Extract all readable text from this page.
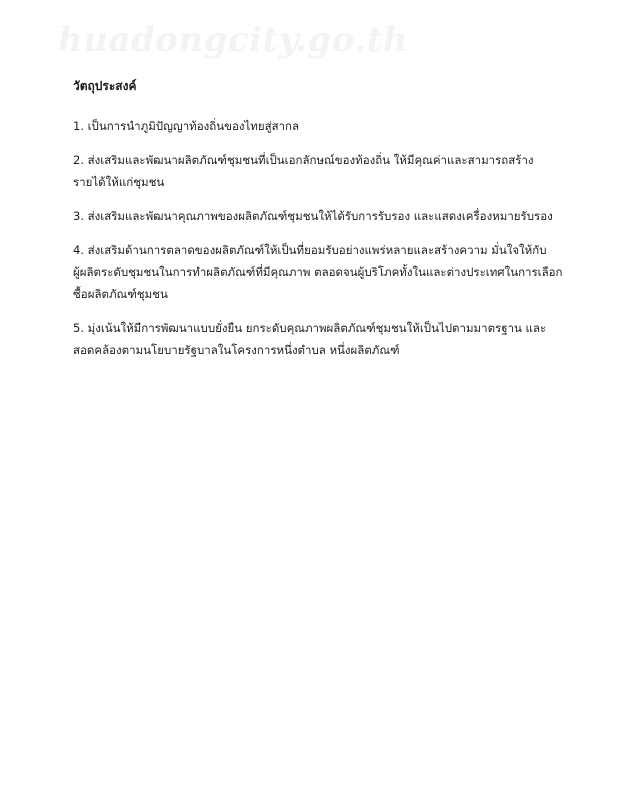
huadongcity.go.th
วัตถุประสงค์
1. เป็นการนำภูมิปัญญาท้องถิ่นของไทยสู่สากล
2. ส่งเสริมและพัฒนาผลิตภัณฑ์ชุมชนที่เป็นเอกลักษณ์ของท้องถิ่น ให้มีคุณค่าและสามารถสร้าง
รายได้ให้แก่ชุมชน
3. ส่งเสริมและพัฒนาคุณภาพของผลิตภัณฑ์ชุมชนให้ได้รับการรับรอง และแสดงเครื่องหมายรับรอง
4. ส่งเสริมด้านการตลาดของผลิตภัณฑ์ให้เป็นที่ยอมรับอย่างแพร่หลายและสร้างความ มั่นใจให้กับ
ผู้ผลิตระดับชุมชนในการทำผลิตภัณฑ์ที่มีคุณภาพ ตลอดจนผู้บริโภคทั้งในและต่างประเทศในการเลือก
ซื้อผลิตภัณฑ์ชุมชน
5. มุ่งเน้นให้มีการพัฒนาแบบยั่งยืน ยกระดับคุณภาพผลิตภัณฑ์ชุมชนให้เป็นไปตามมาตรฐาน และ
สอดคล้องตามนโยบายรัฐบาลในโครงการหนึ่งตำบล หนึ่งผลิตภัณฑ์
